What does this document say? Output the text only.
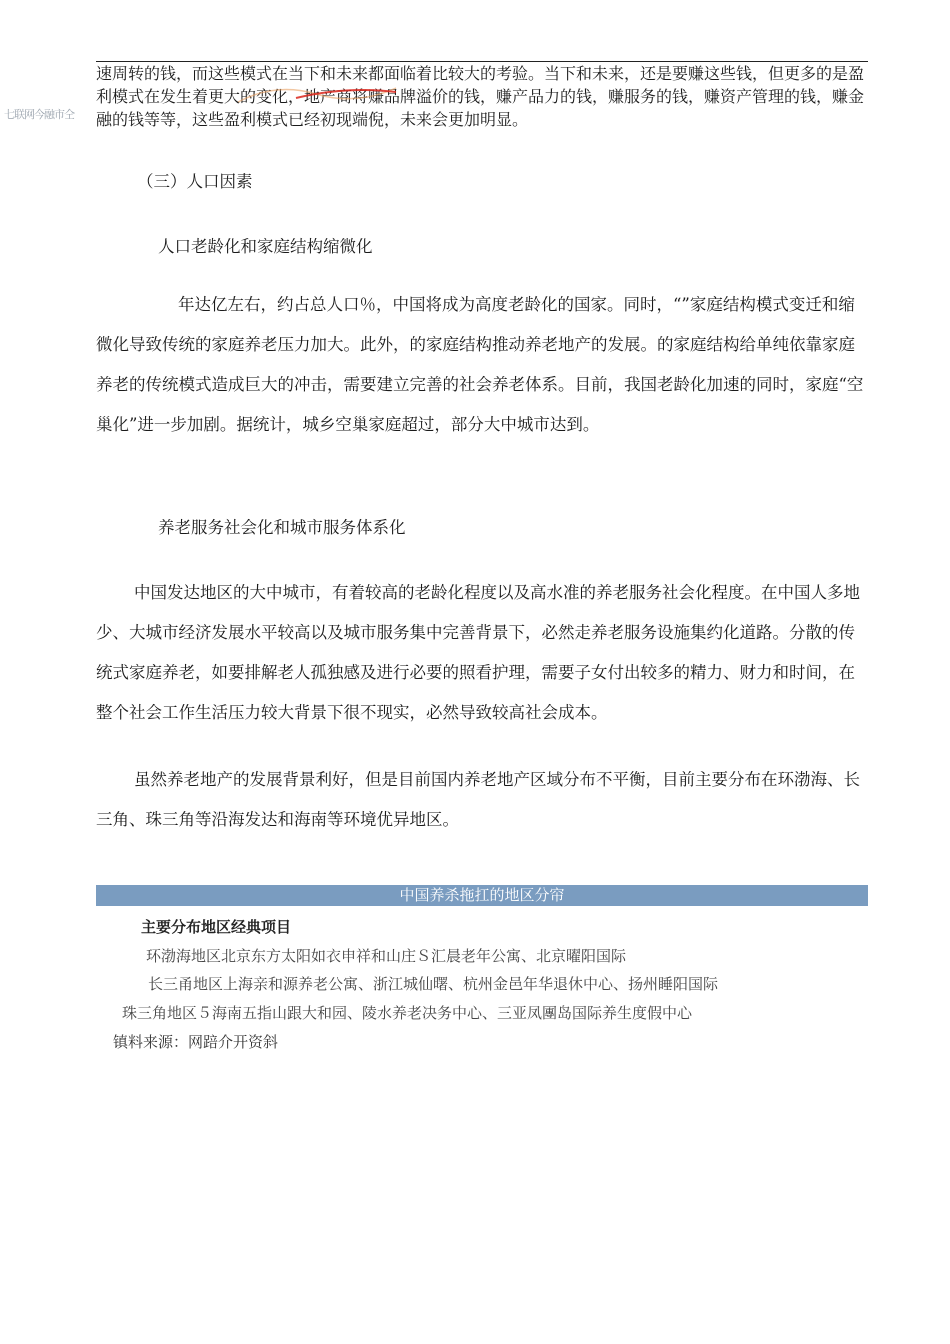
速周转的钱，而这些模式在当下和未来都面临着比较大的考验。当下和未来，还是要赚这些钱，但更多的是盈利模式在发生着更大的变化，地产商将赚品牌溢价的钱，赚产品力的钱，赚服务的钱，赚资产管理的钱，赚金融的钱等等，这些盈利模式已经初现端倪，未来会更加明显。

七联网今融市仝
（三）人口因素
人口老龄化和家庭结构缩微化

年达亿左右，约占总人口％，中国将成为高度老龄化的国家。同时，“”家庭结构模式变迁和缩微化导致传统的家庭养老压力加大。此外，的家庭结构推动养老地产的发展。的家庭结构给单纯依靠家庭养老的传统模式造成巨大的冲击，需要建立完善的社会养老体系。目前，我国老龄化加速的同时，家庭“空巢化”进一步加剧。据统计，城乡空巢家庭超过，部分大中城市达到。

养老服务社会化和城市服务体系化

中国发达地区的大中城市，有着较高的老龄化程度以及高水准的养老服务社会化程度。在中国人多地少、大城市经济发展水平较高以及城市服务集中完善背景下，必然走养老服务设施集约化道路。分散的传统式家庭养老，如要排解老人孤独感及进行必要的照看护理，需要子女付出较多的精力、财力和时间，在整个社会工作生活压力较大背景下很不现实，必然导致较高社会成本。

虽然养老地产的发展背景利好，但是目前国内养老地产区域分布不平衡，目前主要分布在环渤海、长三角、珠三角等沿海发达和海南等环境优异地区。

中国养杀拖扛的地区分帘
主要分布地区经典项目
环渤海地区北京东方太阳如衣申祥和山庄Ｓ汇晨老年公寓、北京曜阳国际
长三甬地区上海亲和源养老公寓、浙江城仙曙、杭州金邑年华退休中心、扬州睡阳国际
珠三角地区５海南五指山跟大和园、陵水养老决务中心、三亚凤團岛国际养生度假中心
镇料来源：网踣介开资斜
